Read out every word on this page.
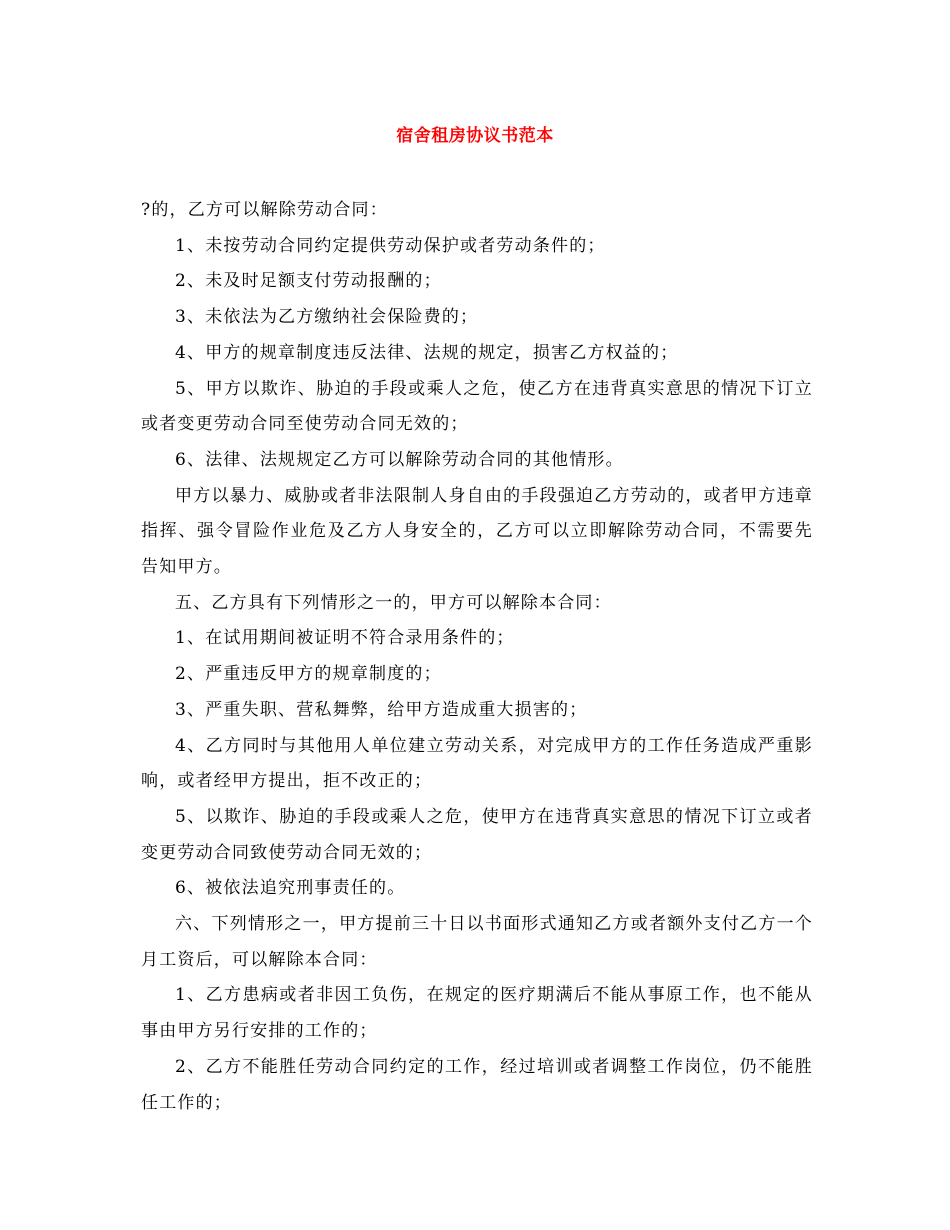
宿舍租房协议书范本

?的，乙方可以解除劳动合同：

1、未按劳动合同约定提供劳动保护或者劳动条件的；

2、未及时足额支付劳动报酬的；

3、未依法为乙方缴纳社会保险费的；

4、甲方的规章制度违反法律、法规的规定，损害乙方权益的；

5、甲方以欺诈、胁迫的手段或乘人之危，使乙方在违背真实意思的情况下订立或者变更劳动合同至使劳动合同无效的；

6、法律、法规规定乙方可以解除劳动合同的其他情形。

甲方以暴力、威胁或者非法限制人身自由的手段强迫乙方劳动的，或者甲方违章指挥、强令冒险作业危及乙方人身安全的，乙方可以立即解除劳动合同，不需要先告知甲方。

五、乙方具有下列情形之一的，甲方可以解除本合同：

1、在试用期间被证明不符合录用条件的；

2、严重违反甲方的规章制度的；

3、严重失职、营私舞弊，给甲方造成重大损害的；

4、乙方同时与其他用人单位建立劳动关系，对完成甲方的工作任务造成严重影响，或者经甲方提出，拒不改正的；

5、以欺诈、胁迫的手段或乘人之危，使甲方在违背真实意思的情况下订立或者变更劳动合同致使劳动合同无效的；

6、被依法追究刑事责任的。

六、下列情形之一，甲方提前三十日以书面形式通知乙方或者额外支付乙方一个月工资后，可以解除本合同：

1、乙方患病或者非因工负伤，在规定的医疗期满后不能从事原工作，也不能从事由甲方另行安排的工作的；

2、乙方不能胜任劳动合同约定的工作，经过培训或者调整工作岗位，仍不能胜任工作的；
